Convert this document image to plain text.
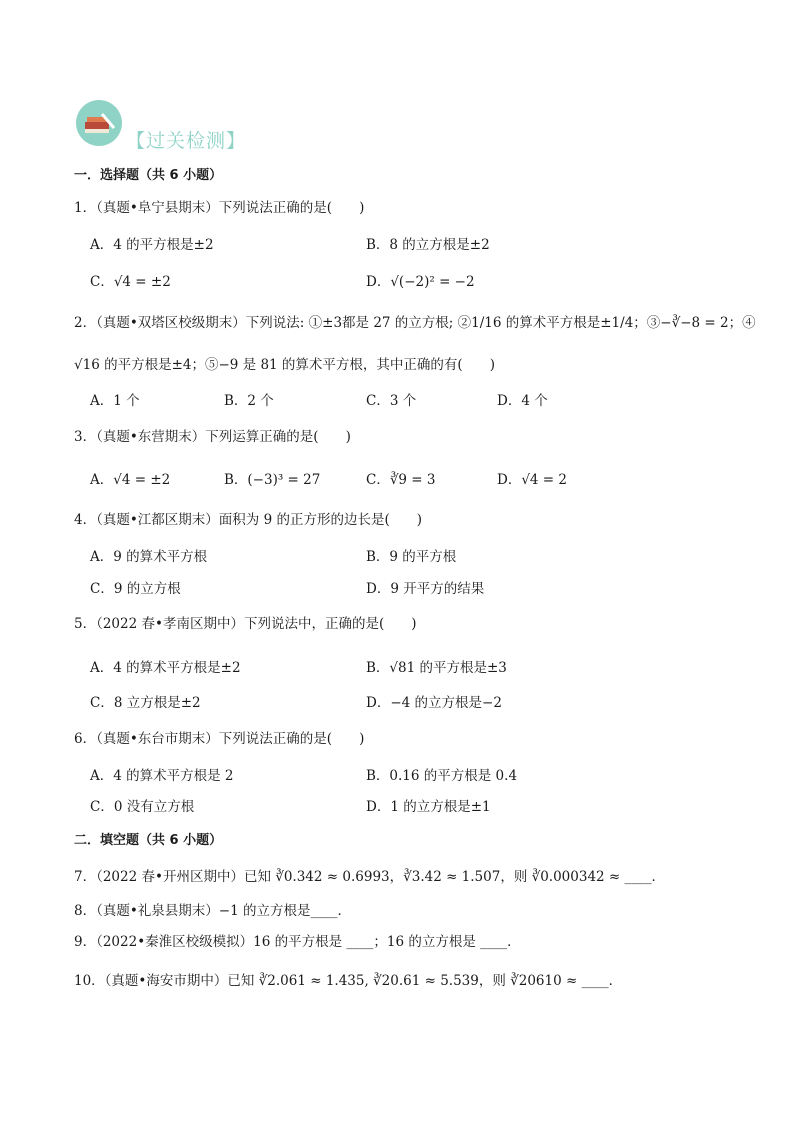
【过关检测】
一．选择题（共 6 小题）
1．（真题•阜宁县期末）下列说法正确的是(　　)
A．4 的平方根是±2	B．8 的立方根是±2
C．√4 = ±2	D．√(−2)² = −2
2．（真题•双塔区校级期末）下列说法: ①±3都是 27 的立方根; ②1/16 的算术平方根是±1/4；③−∛−8 = 2；④
√16 的平方根是±4；⑤−9 是 81 的算术平方根，其中正确的有(　　)
A．1 个	B．2 个	C．3 个	D．4 个
3．（真题•东营期末）下列运算正确的是(　　)
A．√4 = ±2	B．(−3)³ = 27	C．∛9 = 3	D．√4 = 2
4．（真题•江都区期末）面积为 9 的正方形的边长是(　　)
A．9 的算术平方根	B．9 的平方根
C．9 的立方根	D．9 开平方的结果
5．（2022 春•孝南区期中）下列说法中，正确的是(　　)
A．4 的算术平方根是±2	B．√81 的平方根是±3
C．8 立方根是±2	D．−4 的立方根是−2
6．（真题•东台市期末）下列说法正确的是(　　)
A．4 的算术平方根是 2	B．0.16 的平方根是 0.4
C．0 没有立方根	D．1 的立方根是±1
二．填空题（共 6 小题）
7．（2022 春•开州区期中）已知 ∛0.342 ≈ 0.6993，∛3.42 ≈ 1.507，则 ∛0.000342 ≈ ____．
8．（真题•礼泉县期末）−1 的立方根是____．
9．（2022•秦淮区校级模拟）16 的平方根是 ____；16 的立方根是 ____．
10．（真题•海安市期中）已知 ∛2.061 ≈ 1.435, ∛20.61 ≈ 5.539，则 ∛20610 ≈ ____．
